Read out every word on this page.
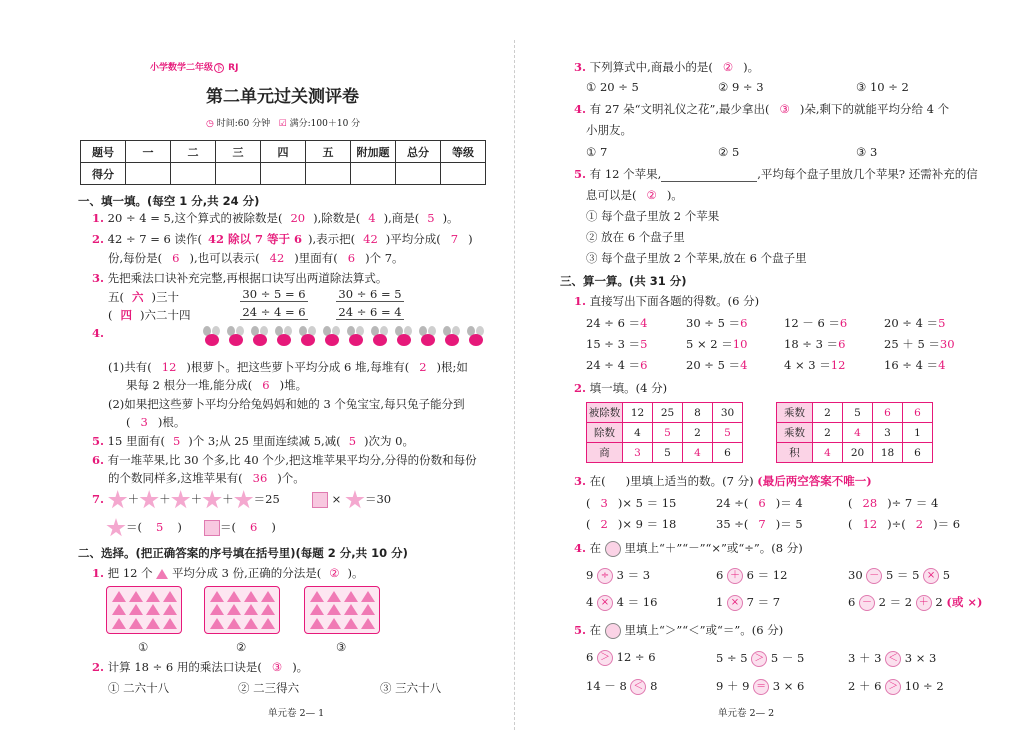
小学数学二年级 下 RJ
第二单元过关测评卷
◷ 时间:60 分钟 ☑ 满分:100＋10 分
题号	一	二	三	四	五	附加题	总分	等级
得分								
一、填一填。(每空 1 分,共 24 分)
1. 20 ÷ 4 = 5,这个算式的被除数是( 20 ),除数是( 4 ),商是( 5 )。
2. 42 ÷ 7 = 6 读作( 42 除以 7 等于 6 ),表示把( 42 )平均分成( 7 )
份,每份是( 6 ),也可以表示( 42 )里面有( 6 )个 7。
3. 先把乘法口诀补充完整,再根据口诀写出两道除法算式。
五( 六 )三十	30 ÷ 5 = 6	30 ÷ 6 = 5
( 四 )六二十四	24 ÷ 4 = 6	24 ÷ 6 = 4
4.
(1)共有( 12 )根萝卜。把这些萝卜平均分成 6 堆,每堆有( 2 )根;如
果每 2 根分一堆,能分成( 6 )堆。
(2)如果把这些萝卜平均分给兔妈妈和她的 3 个兔宝宝,每只兔子能分到
( 3 )根。
5. 15 里面有( 5 )个 3;从 25 里面连续减 5,减( 5 )次为 0。
6. 有一堆苹果,比 30 个多,比 40 个少,把这堆苹果平均分,分得的份数和每份
的个数同样多,这堆苹果有( 36 )个。
7. ＋ ＋ ＋ ＋ ＝25	× ＝30
＝( 5 )	＝( 6 )
二、选择。(把正确答案的序号填在括号里)(每题 2 分,共 10 分)
1. 把 12 个 平均分成 3 份,正确的分法是( ② )。
①	②	③
2. 计算 18 ÷ 6 用的乘法口诀是( ③ )。
① 二六十八	② 二三得六	③ 三六十八
单元卷 2— 1
3. 下列算式中,商最小的是( ② )。
① 20 ÷ 5	② 9 ÷ 3	③ 10 ÷ 2
4. 有 27 朵“文明礼仪之花”,最少拿出( ③ )朵,剩下的就能平均分给 4 个
小朋友。
① 7	② 5	③ 3
5. 有 12 个苹果,	,平均每个盘子里放几个苹果? 还需补充的信
息可以是( ② )。
① 每个盘子里放 2 个苹果
② 放在 6 个盘子里
③ 每个盘子里放 2 个苹果,放在 6 个盘子里
三、算一算。(共 31 分)
1. 直接写出下面各题的得数。(6 分)
24 ÷ 6 ＝4	30 ÷ 5 ＝6	12 － 6 ＝6	20 ÷ 4 ＝5
15 ÷ 3 ＝5	5 × 2 ＝10	18 ÷ 3 ＝6	25 ＋ 5 ＝30
24 ÷ 4 ＝6	20 ÷ 5 ＝4	4 × 3 ＝12	16 ÷ 4 ＝4
2. 填一填。(4 分)
被除数	12	25	8	30
除数	4	5	2	5
商	3	5	4	6
乘数	2	5	6	6
乘数	2	4	3	1
积	4	20	18	6
3. 在( )里填上适当的数。(7 分) (最后两空答案不唯一)
( 3 )× 5 ＝ 15	24 ÷( 6 )＝ 4	( 28 )÷ 7 ＝ 4
( 2 )× 9 ＝ 18	35 ÷( 7 )＝ 5	( 12 )÷( 2 )＝ 6
4. 在 里填上“＋”“－”“×”或“÷”。(8 分)
9 ÷ 3 ＝ 3	6 ＋ 6 ＝ 12	30 － 5 ＝ 5 × 5
4 × 4 ＝ 16	1 × 7 ＝ 7	6 － 2 ＝ 2 ＋ 2 (或 ×)
5. 在 里填上“＞”“＜”或“＝”。(6 分)
6 ＞ 12 ÷ 6	5 ÷ 5 ＞ 5 － 5	3 ＋ 3 ＜ 3 × 3
14 － 8 ＜ 8	9 ＋ 9 ＝ 3 × 6	2 ＋ 6 ＞ 10 ÷ 2
单元卷 2— 2
